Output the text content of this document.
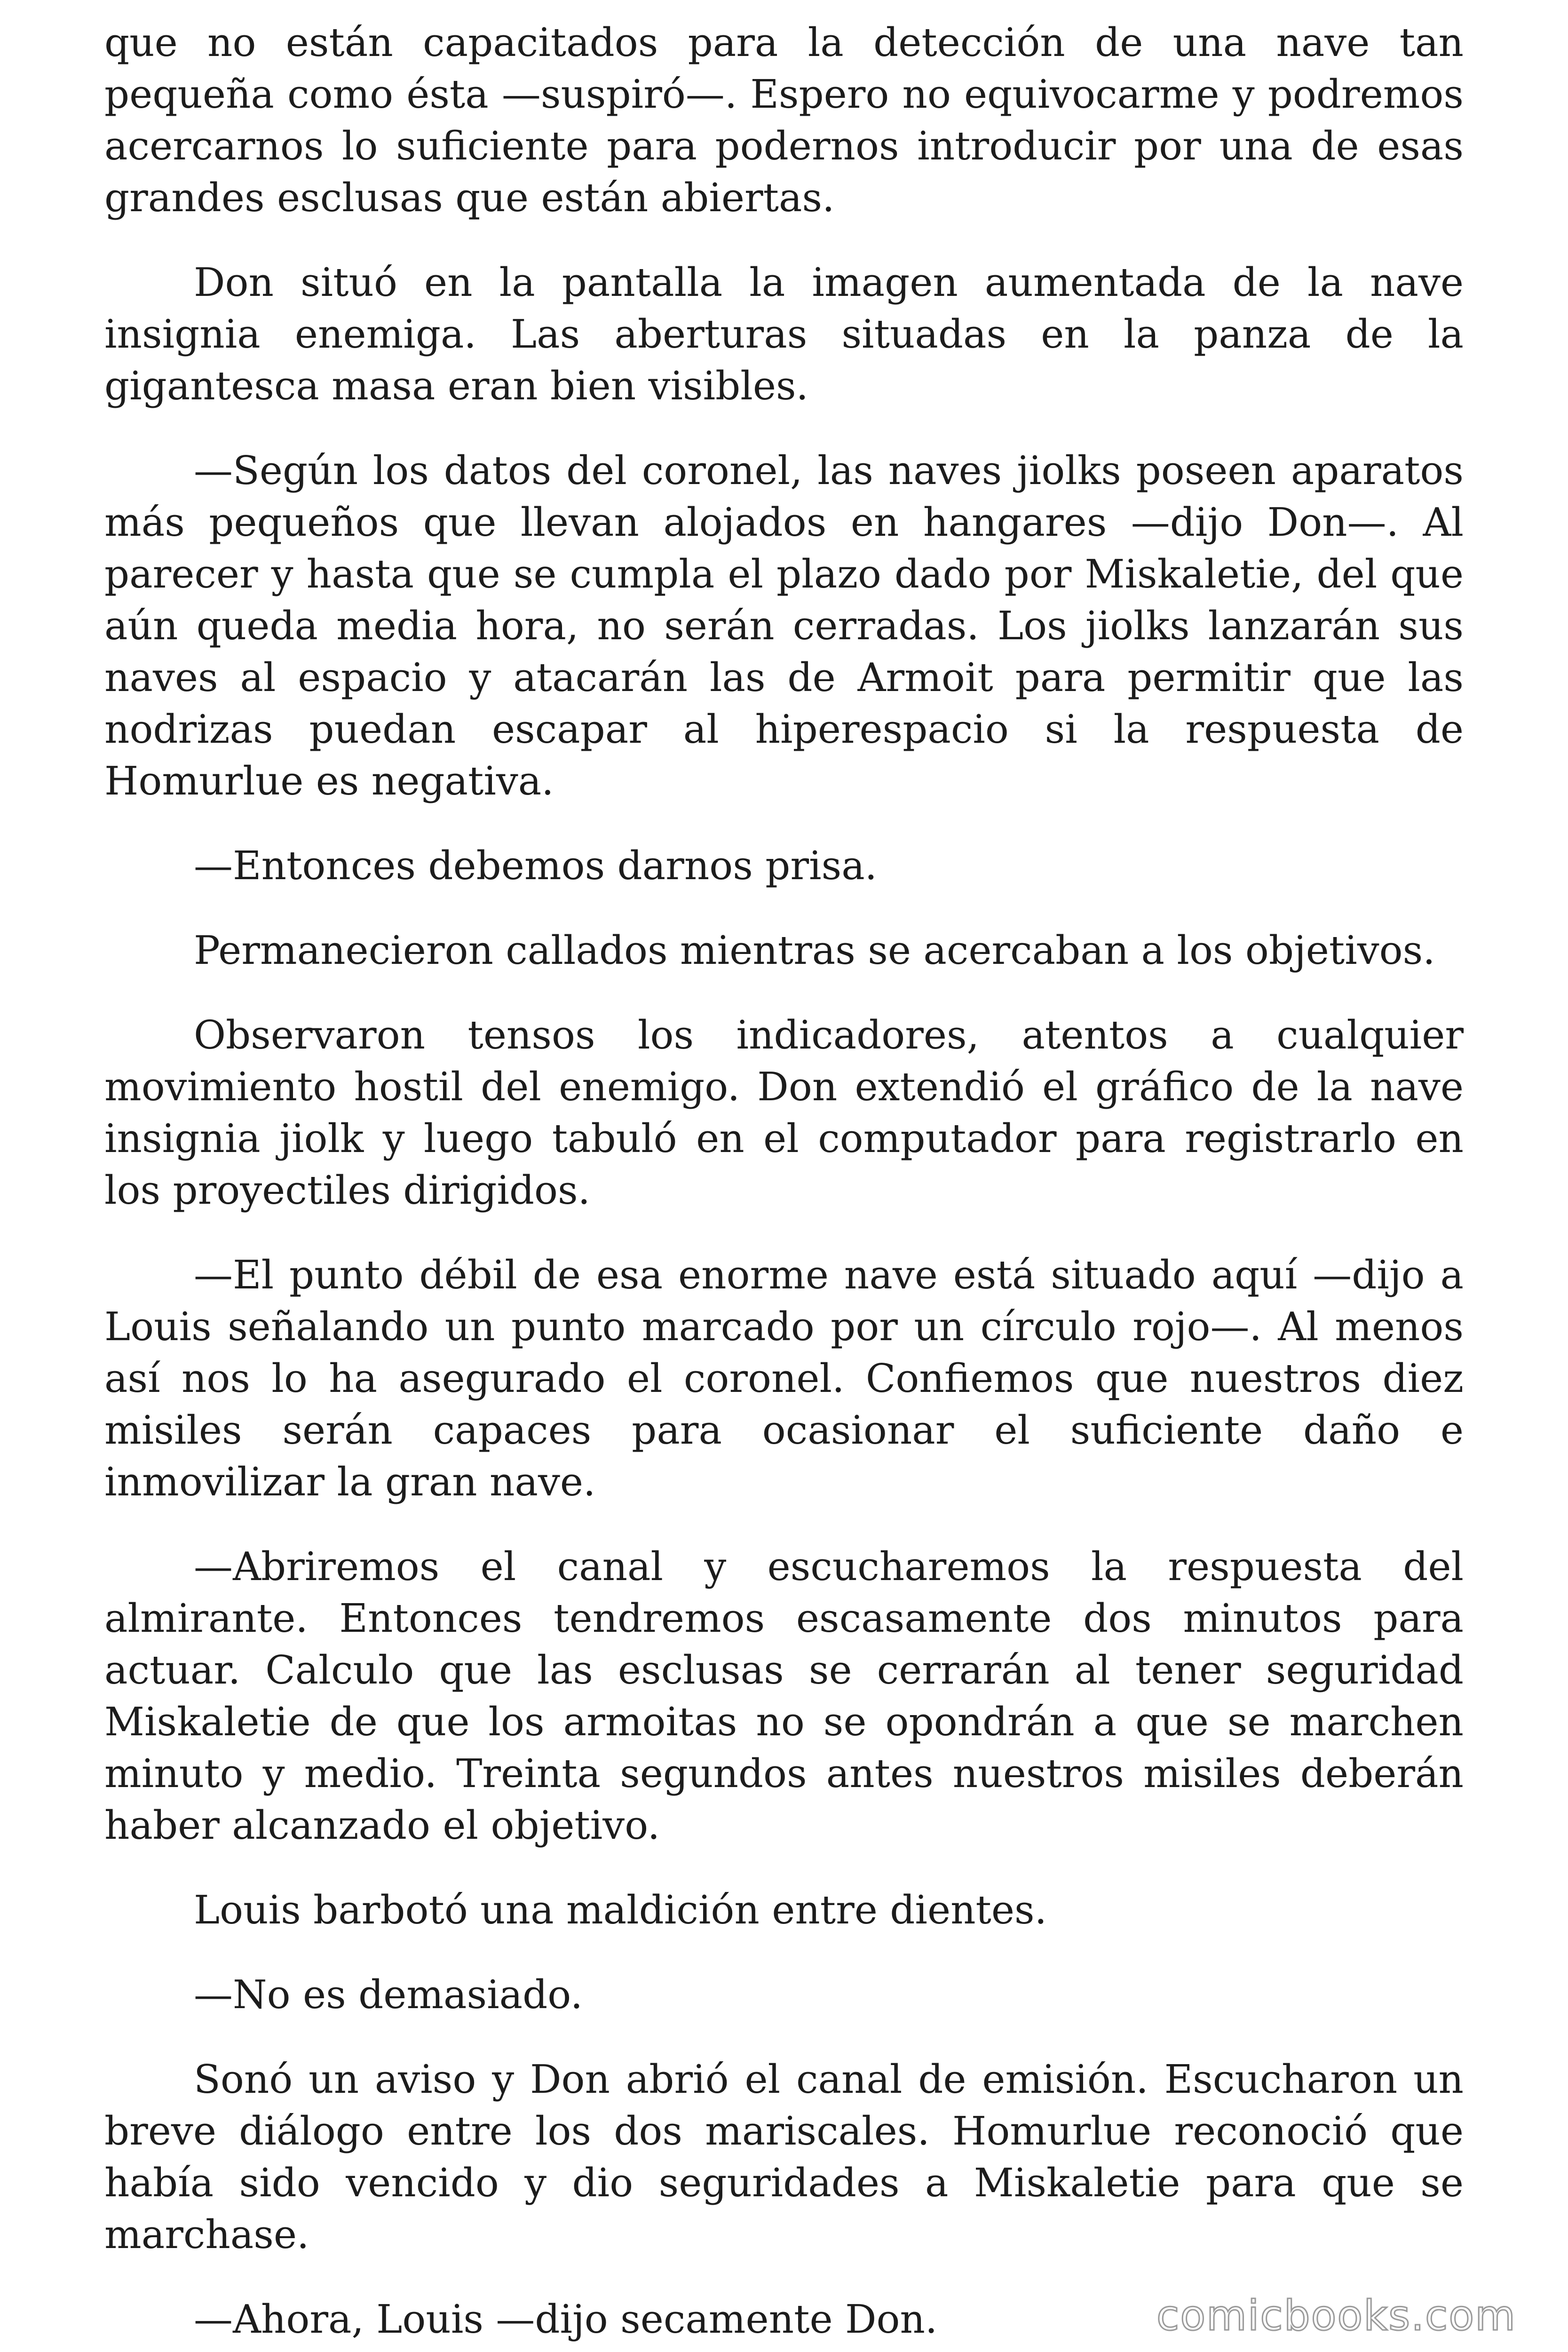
que no están capacitados para la detección de una nave tan pequeña como ésta —suspiró—. Espero no equivocarme y podremos acercarnos lo suficiente para podernos introducir por una de esas grandes esclusas que están abiertas.

Don situó en la pantalla la imagen aumentada de la nave insignia enemiga. Las aberturas situadas en la panza de la gigantesca masa eran bien visibles.

—Según los datos del coronel, las naves jiolks poseen aparatos más pequeños que llevan alojados en hangares —dijo Don—. Al parecer y hasta que se cumpla el plazo dado por Miskaletie, del que aún queda media hora, no serán cerradas. Los jiolks lanzarán sus naves al espacio y atacarán las de Armoit para permitir que las nodrizas puedan escapar al hiperespacio si la respuesta de Homurlue es negativa.

—Entonces debemos darnos prisa.

Permanecieron callados mientras se acercaban a los objetivos.

Observaron tensos los indicadores, atentos a cualquier movimiento hostil del enemigo. Don extendió el gráfico de la nave insignia jiolk y luego tabuló en el computador para registrarlo en los proyectiles dirigidos.

—El punto débil de esa enorme nave está situado aquí —dijo a Louis señalando un punto marcado por un círculo rojo—. Al menos así nos lo ha asegurado el coronel. Confiemos que nuestros diez misiles serán capaces para ocasionar el suficiente daño e inmovilizar la gran nave.

—Abriremos el canal y escucharemos la respuesta del almirante. Entonces tendremos escasamente dos minutos para actuar. Calculo que las esclusas se cerrarán al tener seguridad Miskaletie de que los armoitas no se opondrán a que se marchen minuto y medio. Treinta segundos antes nuestros misiles deberán haber alcanzado el objetivo.

Louis barbotó una maldición entre dientes.

—No es demasiado.

Sonó un aviso y Don abrió el canal de emisión. Escucharon un breve diálogo entre los dos mariscales. Homurlue reconoció que había sido vencido y dio seguridades a Miskaletie para que se marchase.

—Ahora, Louis —dijo secamente Don.	comicbooks.com
